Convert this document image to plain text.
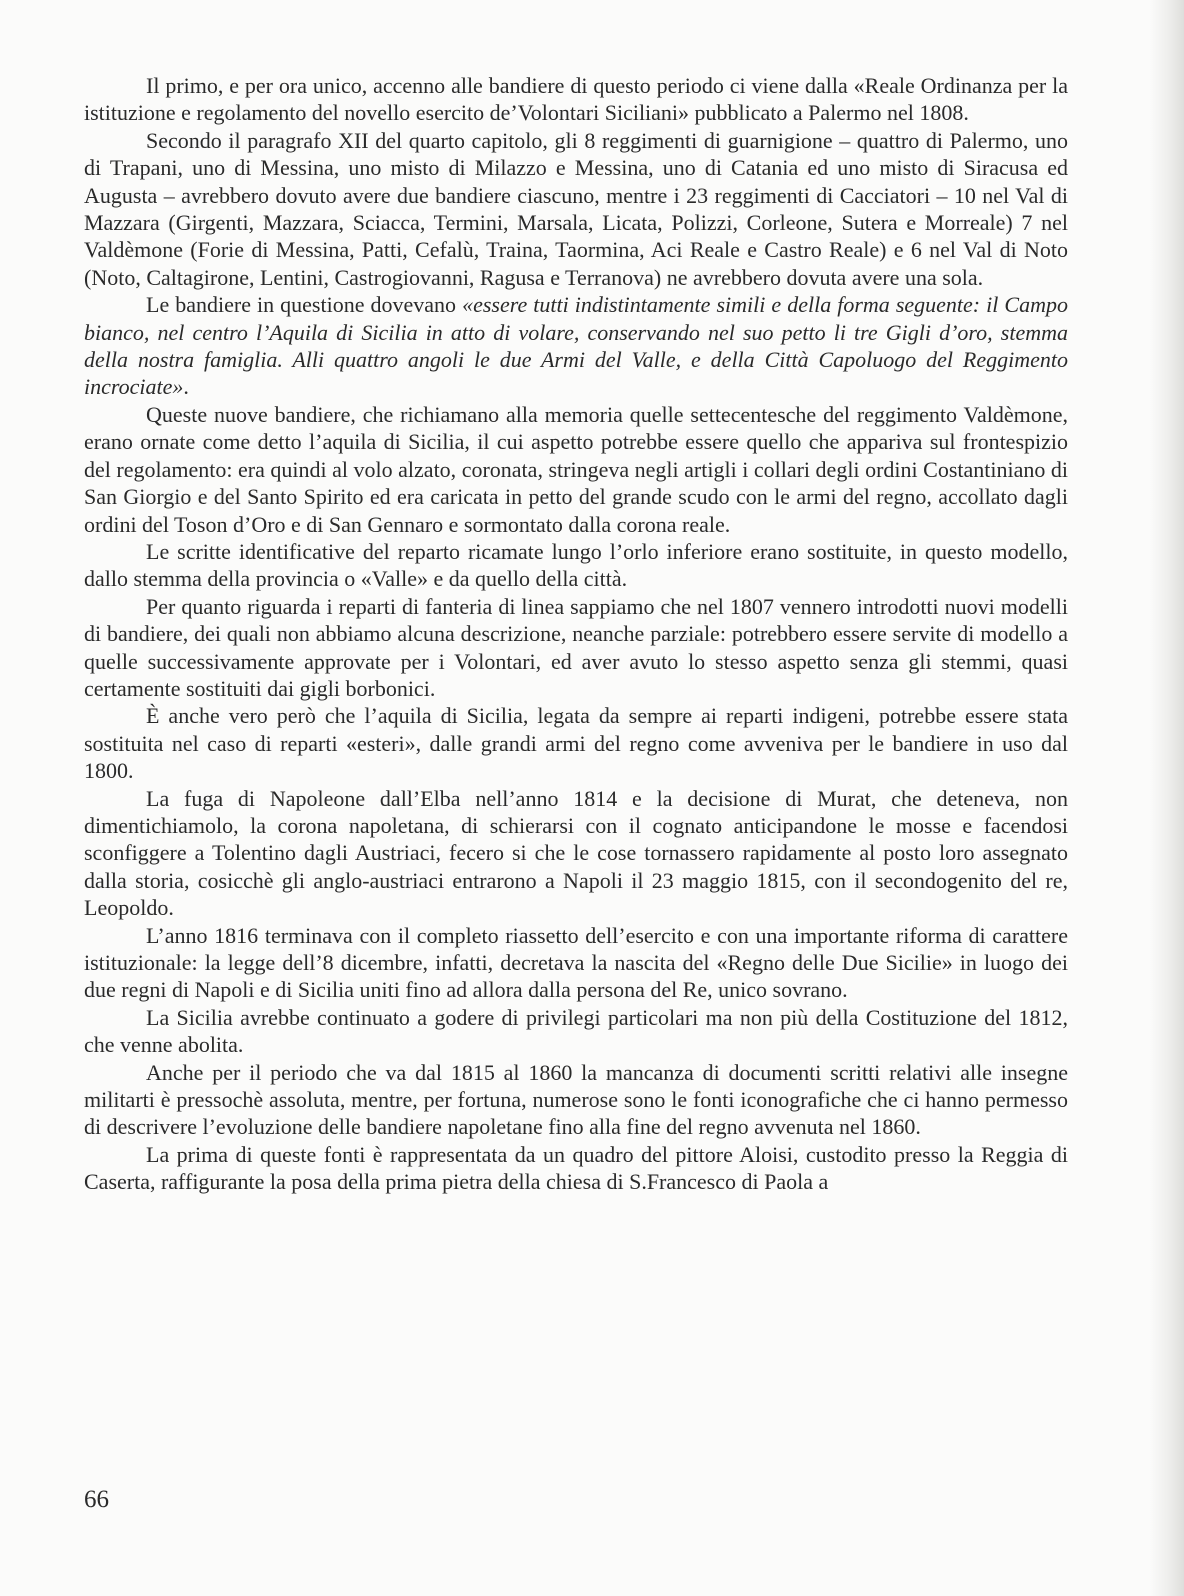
Il primo, e per ora unico, accenno alle bandiere di questo periodo ci viene dalla «Reale Ordinanza per la istituzione e regolamento del novello esercito de’Volontari Siciliani» pubblicato a Palermo nel 1808.

Secondo il paragrafo XII del quarto capitolo, gli 8 reggimenti di guarnigione – quattro di Palermo, uno di Trapani, uno di Messina, uno misto di Milazzo e Messina, uno di Catania ed uno misto di Siracusa ed Augusta – avrebbero dovuto avere due bandiere ciascuno, mentre i 23 reggimenti di Cacciatori – 10 nel Val di Mazzara (Girgenti, Mazzara, Sciacca, Termini, Marsala, Licata, Polizzi, Corleone, Sutera e Morreale) 7 nel Valdèmone (Forie di Messina, Patti, Cefalù, Traina, Taormina, Aci Reale e Castro Reale) e 6 nel Val di Noto (Noto, Caltagirone, Lentini, Castrogiovanni, Ragusa e Terranova) ne avrebbero dovuta avere una sola.

Le bandiere in questione dovevano «essere tutti indistintamente simili e della forma seguente: il Campo bianco, nel centro l’Aquila di Sicilia in atto di volare, conservando nel suo petto li tre Gigli d’oro, stemma della nostra famiglia. Alli quattro angoli le due Armi del Valle, e della Città Capoluogo del Reggimento incrociate».

Queste nuove bandiere, che richiamano alla memoria quelle settecentesche del reggimento Valdèmone, erano ornate come detto l’aquila di Sicilia, il cui aspetto potrebbe essere quello che appariva sul frontespizio del regolamento: era quindi al volo alzato, coronata, stringeva negli artigli i collari degli ordini Costantiniano di San Giorgio e del Santo Spirito ed era caricata in petto del grande scudo con le armi del regno, accollato dagli ordini del Toson d’Oro e di San Gennaro e sormontato dalla corona reale.

Le scritte identificative del reparto ricamate lungo l’orlo inferiore erano sostituite, in questo modello, dallo stemma della provincia o «Valle» e da quello della città.

Per quanto riguarda i reparti di fanteria di linea sappiamo che nel 1807 vennero introdotti nuovi modelli di bandiere, dei quali non abbiamo alcuna descrizione, neanche parziale: potrebbero essere servite di modello a quelle successivamente approvate per i Volontari, ed aver avuto lo stesso aspetto senza gli stemmi, quasi certamente sostituiti dai gigli borbonici.

È anche vero però che l’aquila di Sicilia, legata da sempre ai reparti indigeni, potrebbe essere stata sostituita nel caso di reparti «esteri», dalle grandi armi del regno come avveniva per le bandiere in uso dal 1800.

La fuga di Napoleone dall’Elba nell’anno 1814 e la decisione di Murat, che deteneva, non dimentichiamolo, la corona napoletana, di schierarsi con il cognato anticipandone le mosse e facendosi sconfiggere a Tolentino dagli Austriaci, fecero si che le cose tornassero rapidamente al posto loro assegnato dalla storia, cosicchè gli anglo-austriaci entrarono a Napoli il 23 maggio 1815, con il secondogenito del re, Leopoldo.

L’anno 1816 terminava con il completo riassetto dell’esercito e con una importante riforma di carattere istituzionale: la legge dell’8 dicembre, infatti, decretava la nascita del «Regno delle Due Sicilie» in luogo dei due regni di Napoli e di Sicilia uniti fino ad allora dalla persona del Re, unico sovrano.

La Sicilia avrebbe continuato a godere di privilegi particolari ma non più della Costituzione del 1812, che venne abolita.

Anche per il periodo che va dal 1815 al 1860 la mancanza di documenti scritti relativi alle insegne militarti è pressochè assoluta, mentre, per fortuna, numerose sono le fonti iconografiche che ci hanno permesso di descrivere l’evoluzione delle bandiere napoletane fino alla fine del regno avvenuta nel 1860.

La prima di queste fonti è rappresentata da un quadro del pittore Aloisi, custodito presso la Reggia di Caserta, raffigurante la posa della prima pietra della chiesa di S.Francesco di Paola a

66
